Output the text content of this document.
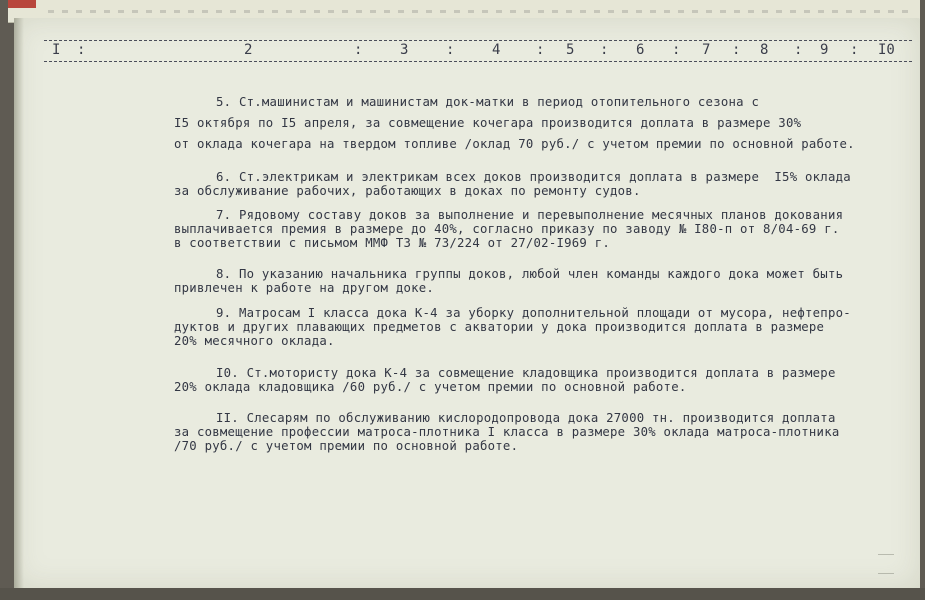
I :	2	:	3	:	4	: 5 : 6 : 7 : 8 : 9 : I0

5. Ст.машинистам и машинистам док-матки в период отопительного сезона с

I5 октября по I5 апреля, за совмещение кочегара производится доплата в размере 30%

от оклада кочегара на твердом топливе /оклад 70 руб./ с учетом премии по основной работе.

6. Ст.электрикам и электрикам всех доков производится доплата в размере  I5% оклада

за обслуживание рабочих, работающих в доках по ремонту судов.

7. Рядовому составу доков за выполнение и перевыполнение месячных планов докования

выплачивается премия в размере до 40%, согласно приказу по заводу № I80-п от 8/04-69 г.

в соответствии с письмом ММФ ТЗ № 73/224 от 27/02-I969 г.

8. По указанию начальника группы доков, любой член команды каждого дока может быть

привлечен к работе на другом доке.

9. Матросам I класса дока К-4 за уборку дополнительной площади от мусора, нефтепро-

дуктов и других плавающих предметов с акватории у дока производится доплата в размере

20% месячного оклада.

I0. Ст.мотористу дока К-4 за совмещение кладовщика производится доплата в размере

20% оклада кладовщика /60 руб./ с учетом премии по основной работе.

II. Слесарям по обслуживанию кислородопровода дока 27000 тн. производится доплата

за совмещение профессии матроса-плотника I класса в размере 30% оклада матроса-плотника

/70 руб./ с учетом премии по основной работе.
